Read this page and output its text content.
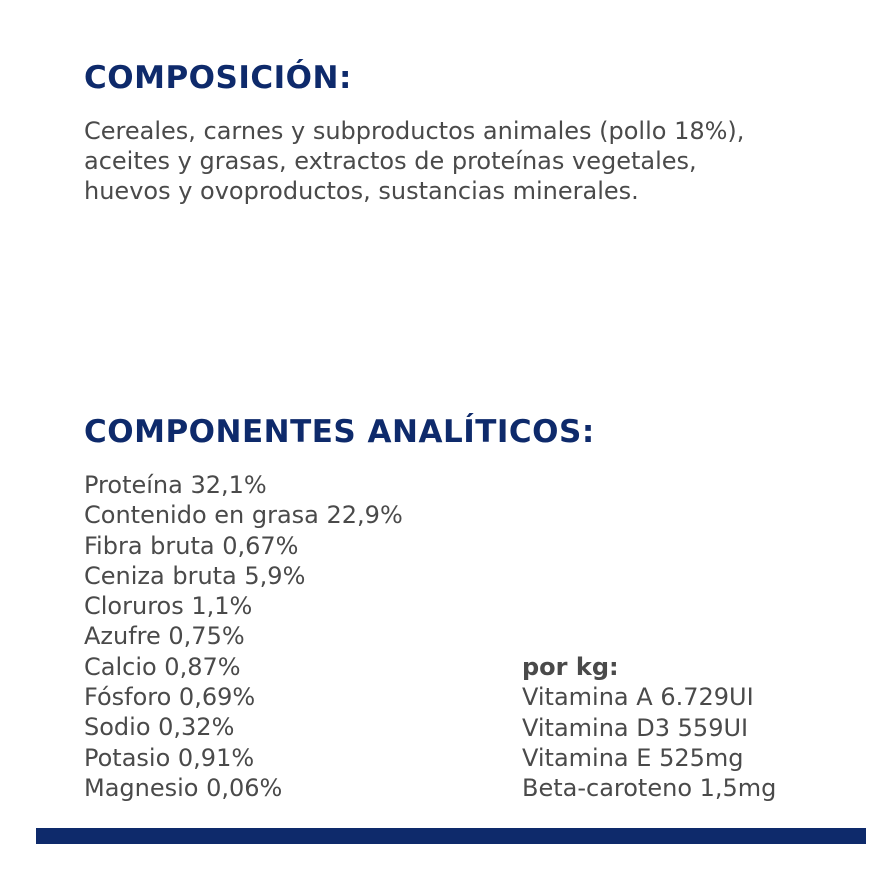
COMPOSICIÓN:

Cereales, carnes y subproductos animales (pollo 18%), aceites y grasas, extractos de proteínas vegetales, huevos y ovoproductos, sustancias minerales.

COMPONENTES ANALÍTICOS:
Proteína 32,1%
Contenido en grasa 22,9%
Fibra bruta 0,67%
Ceniza bruta 5,9%
Cloruros 1,1%
Azufre 0,75%
Calcio 0,87%
Fósforo 0,69%
Sodio 0,32%
Potasio 0,91%
Magnesio 0,06%
por kg:
Vitamina A 6.729UI
Vitamina D3 559UI
Vitamina E 525mg
Beta-caroteno 1,5mg
